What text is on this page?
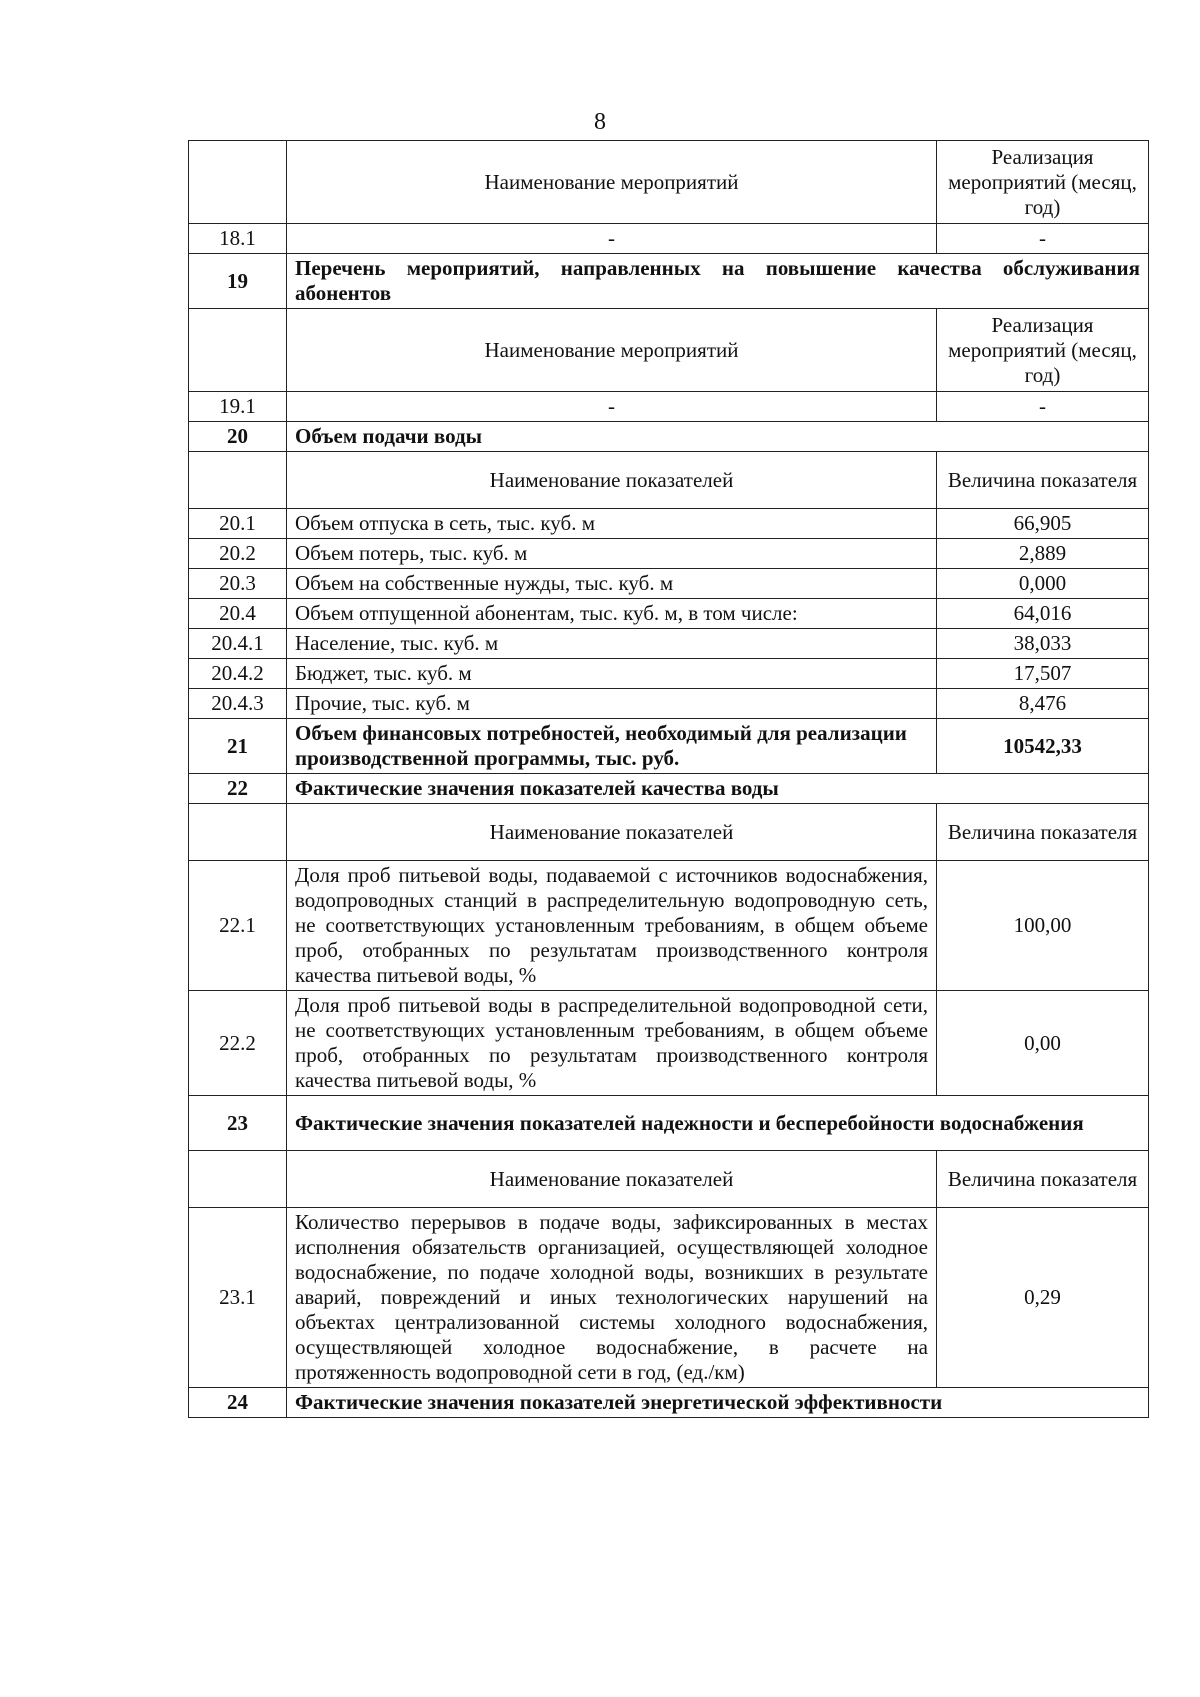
8
	Наименование мероприятий	Реализация мероприятий (месяц, год)
18.1	-	-
19	Перечень мероприятий, направленных на повышение качества обслуживания абонентов	
	Наименование мероприятий	Реализация мероприятий (месяц, год)
19.1	-	-
20	Объем подачи воды	
	Наименование показателей	Величина показателя
20.1	Объем отпуска в сеть, тыс. куб. м	66,905
20.2	Объем потерь, тыс. куб. м	2,889
20.3	Объем на собственные нужды, тыс. куб. м	0,000
20.4	Объем отпущенной абонентам, тыс. куб. м, в том числе:	64,016
20.4.1	Население, тыс. куб. м	38,033
20.4.2	Бюджет, тыс. куб. м	17,507
20.4.3	Прочие, тыс. куб. м	8,476
21	Объем финансовых потребностей, необходимый для реализации производственной программы, тыс. руб.	10542,33
22	Фактические значения показателей качества воды	
	Наименование показателей	Величина показателя
22.1	Доля проб питьевой воды, подаваемой с источников водоснабжения, водопроводных станций в распределительную водопроводную сеть, не соответствующих установленным требованиям, в общем объеме проб, отобранных по результатам производственного контроля качества питьевой воды, %	100,00
22.2	Доля проб питьевой воды в распределительной водопроводной сети, не соответствующих установленным требованиям, в общем объеме проб, отобранных по результатам производственного контроля качества питьевой воды, %	0,00
23	Фактические значения показателей надежности и бесперебойности водоснабжения	
	Наименование показателей	Величина показателя
23.1	Количество перерывов в подаче воды, зафиксированных в местах исполнения обязательств организацией, осуществляющей холодное водоснабжение, по подаче холодной воды, возникших в результате аварий, повреждений и иных технологических нарушений на объектах централизованной системы холодного водоснабжения, осуществляющей холодное водоснабжение, в расчете на протяженность водопроводной сети в год, (ед./км)	0,29
24	Фактические значения показателей энергетической эффективности	
